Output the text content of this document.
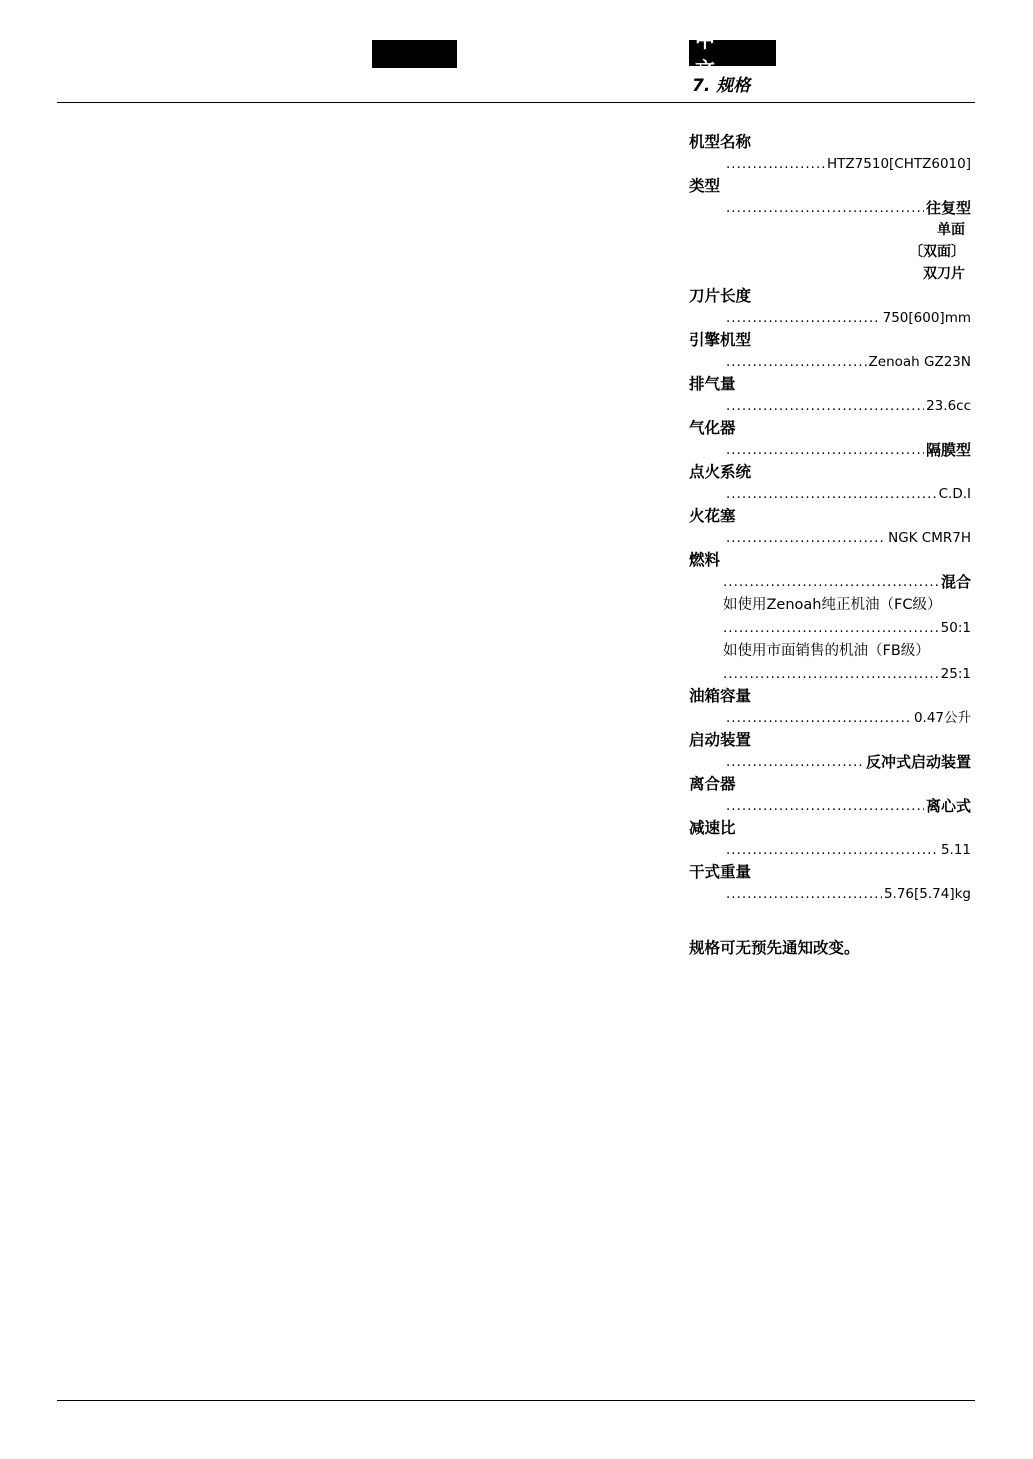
中 文
7. 规格
机型名称
.....
HTZ7510[CHTZ6010]
类型
.....
往复型
单面
〔双面〕
双刀片
刀片长度
.....
750[600]mm
引擎机型
.....
Zenoah GZ23N
排气量
.....
23.6cc
气化器
.....
隔膜型
点火系统
.....
C.D.I
火花塞
.....
NGK CMR7H
燃料
.....
混合
如使用Zenoah纯正机油（FC级）
.....
50:1
如使用市面销售的机油（FB级）
.....
25:1
油箱容量
.....
0.47公升
启动装置
.....
反冲式启动装置
离合器
.....
离心式
减速比
.....
5.11
干式重量
.....
5.76[5.74]kg
规格可无预先通知改变。
